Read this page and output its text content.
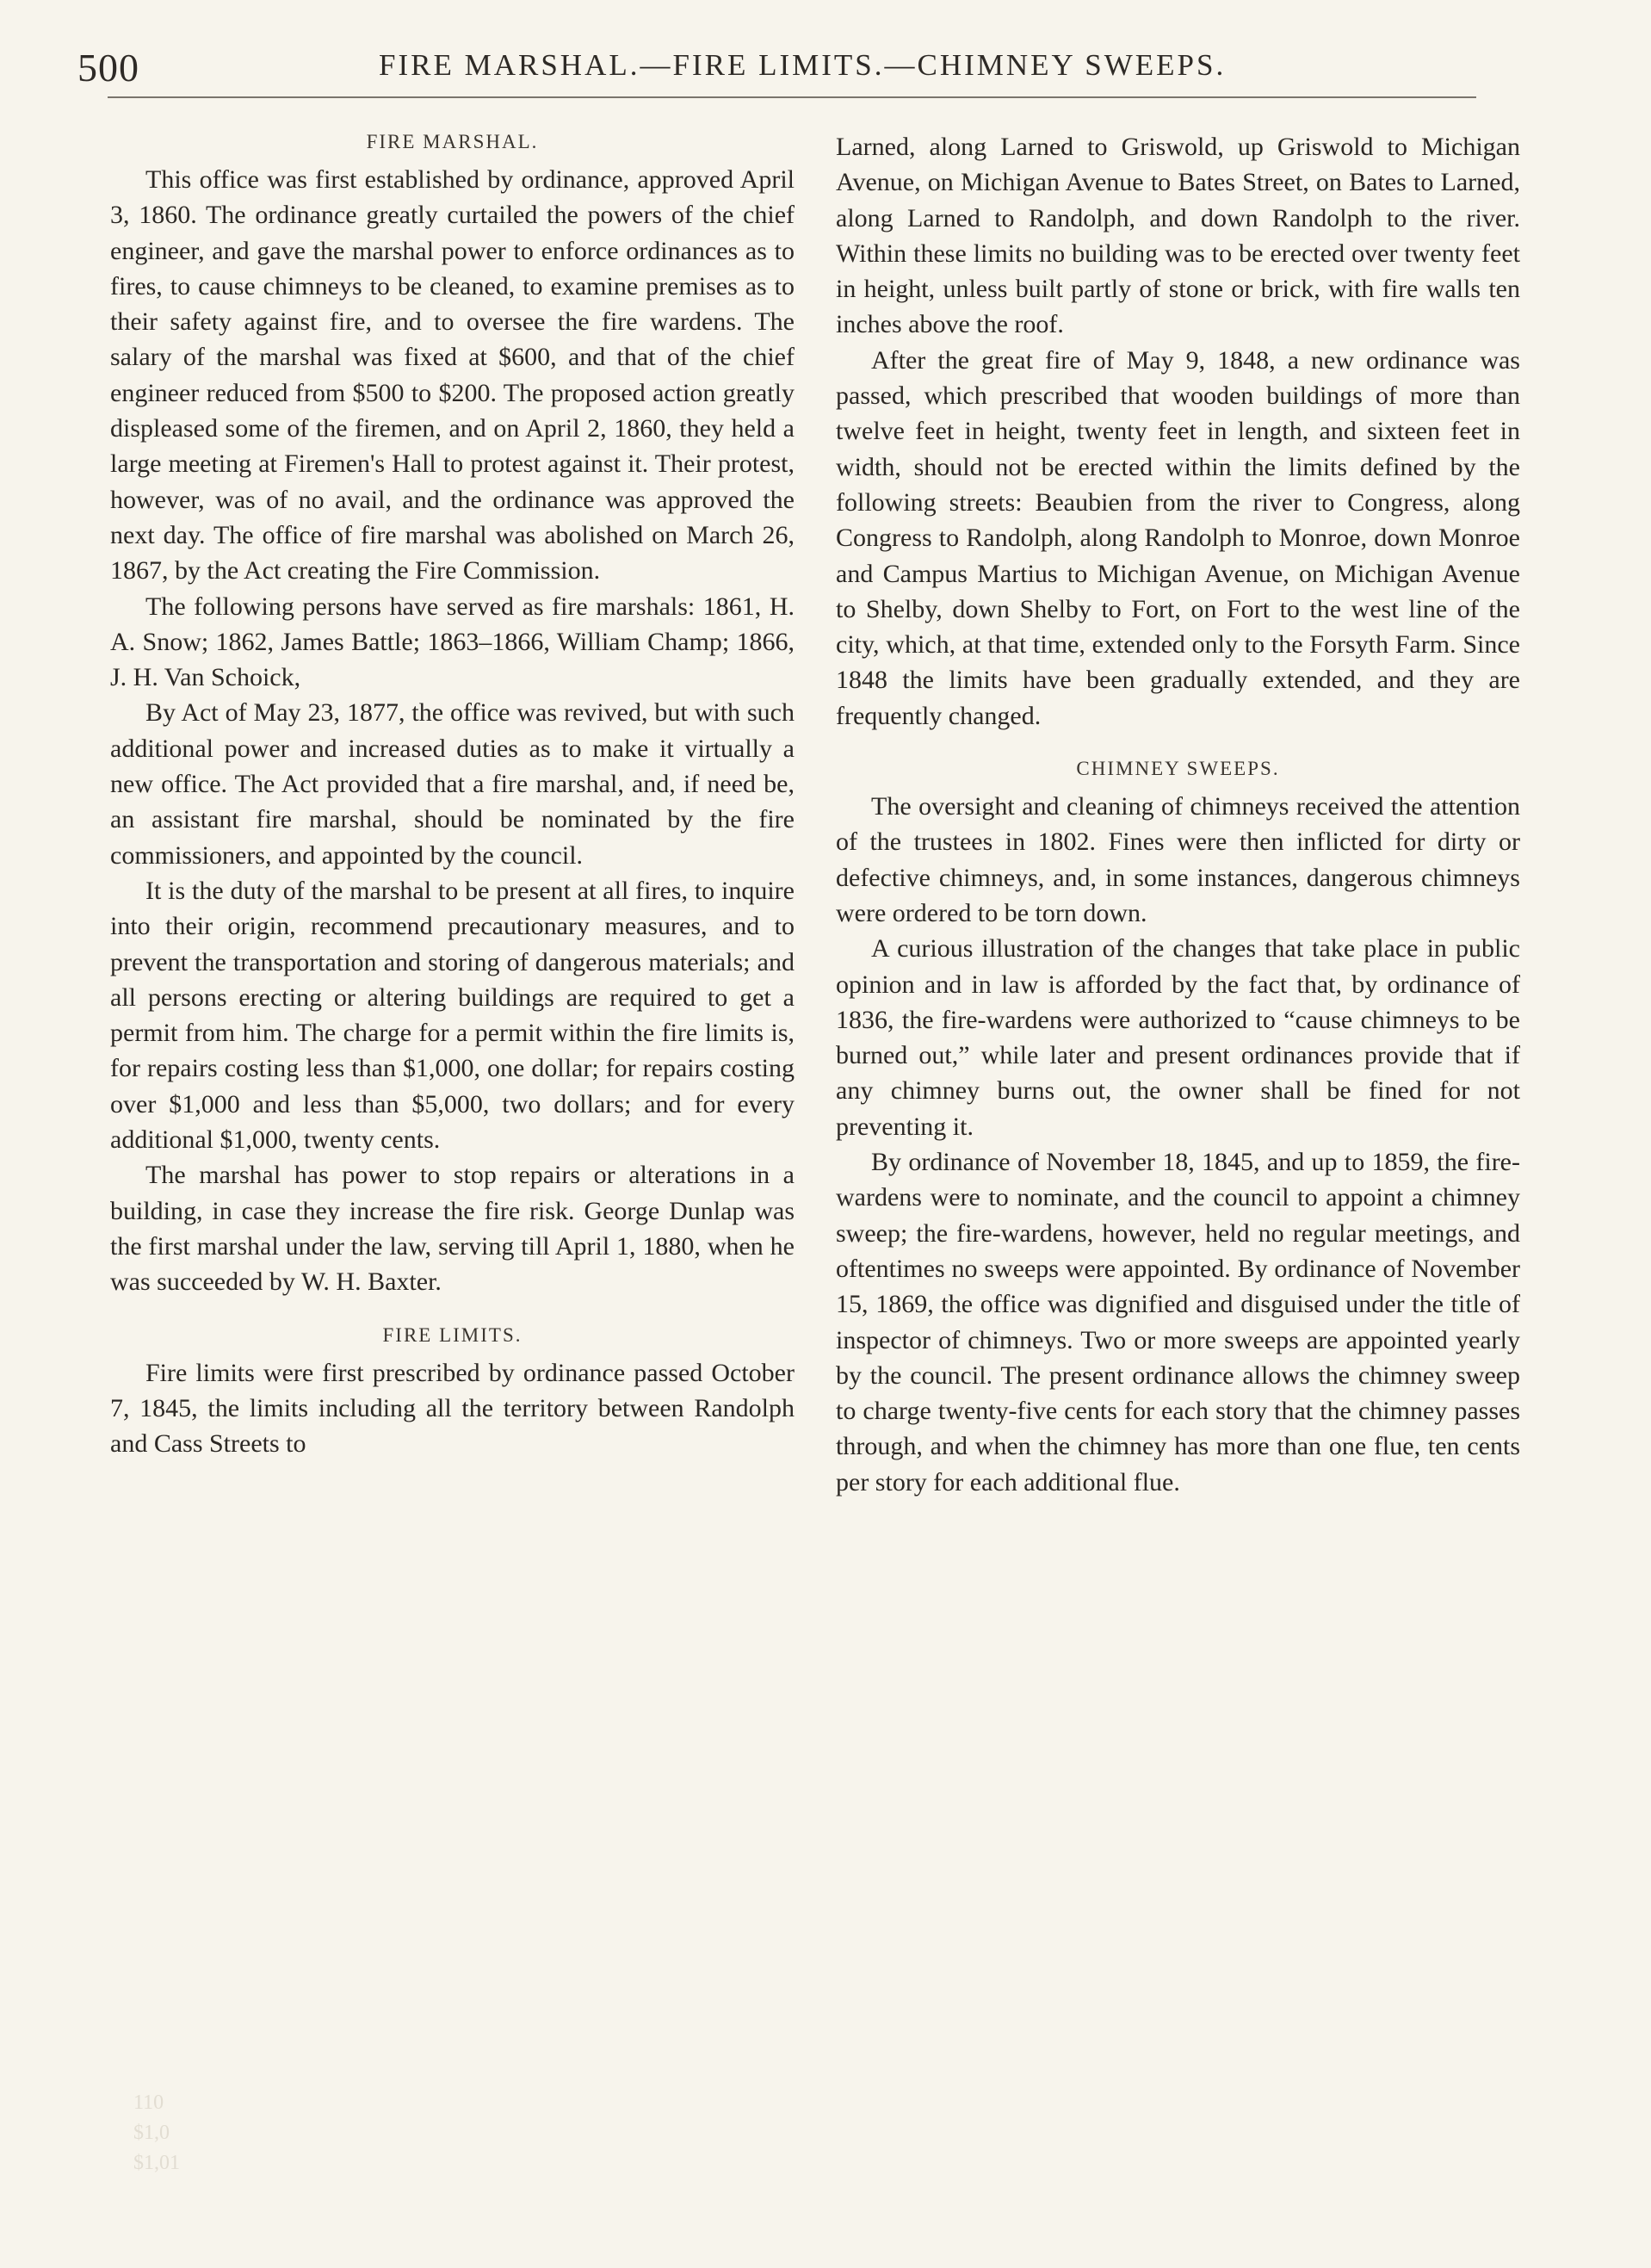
500	FIRE MARSHAL.—FIRE LIMITS.—CHIMNEY SWEEPS.
FIRE MARSHAL.

This office was first established by ordinance, approved April 3, 1860. The ordinance greatly curtailed the powers of the chief engineer, and gave the marshal power to enforce ordinances as to fires, to cause chimneys to be cleaned, to examine premises as to their safety against fire, and to oversee the fire wardens. The salary of the marshal was fixed at $600, and that of the chief engineer reduced from $500 to $200. The proposed action greatly displeased some of the firemen, and on April 2, 1860, they held a large meeting at Firemen's Hall to protest against it. Their protest, however, was of no avail, and the ordinance was approved the next day. The office of fire marshal was abolished on March 26, 1867, by the Act creating the Fire Commission.

The following persons have served as fire marshals: 1861, H. A. Snow; 1862, James Battle; 1863–1866, William Champ; 1866, J. H. Van Schoick,

By Act of May 23, 1877, the office was revived, but with such additional power and increased duties as to make it virtually a new office. The Act provided that a fire marshal, and, if need be, an assistant fire marshal, should be nominated by the fire commissioners, and appointed by the council.

It is the duty of the marshal to be present at all fires, to inquire into their origin, recommend precautionary measures, and to prevent the transportation and storing of dangerous materials; and all persons erecting or altering buildings are required to get a permit from him. The charge for a permit within the fire limits is, for repairs costing less than $1,000, one dollar; for repairs costing over $1,000 and less than $5,000, two dollars; and for every additional $1,000, twenty cents.

The marshal has power to stop repairs or alterations in a building, in case they increase the fire risk. George Dunlap was the first marshal under the law, serving till April 1, 1880, when he was succeeded by W. H. Baxter.

FIRE LIMITS.

Fire limits were first prescribed by ordinance passed October 7, 1845, the limits including all the territory between Randolph and Cass Streets to

Larned, along Larned to Griswold, up Griswold to Michigan Avenue, on Michigan Avenue to Bates Street, on Bates to Larned, along Larned to Randolph, and down Randolph to the river. Within these limits no building was to be erected over twenty feet in height, unless built partly of stone or brick, with fire walls ten inches above the roof.

After the great fire of May 9, 1848, a new ordinance was passed, which prescribed that wooden buildings of more than twelve feet in height, twenty feet in length, and sixteen feet in width, should not be erected within the limits defined by the following streets: Beaubien from the river to Congress, along Congress to Randolph, along Randolph to Monroe, down Monroe and Campus Martius to Michigan Avenue, on Michigan Avenue to Shelby, down Shelby to Fort, on Fort to the west line of the city, which, at that time, extended only to the Forsyth Farm. Since 1848 the limits have been gradually extended, and they are frequently changed.

CHIMNEY SWEEPS.

The oversight and cleaning of chimneys received the attention of the trustees in 1802. Fines were then inflicted for dirty or defective chimneys, and, in some instances, dangerous chimneys were ordered to be torn down.

A curious illustration of the changes that take place in public opinion and in law is afforded by the fact that, by ordinance of 1836, the fire-wardens were authorized to “cause chimneys to be burned out,” while later and present ordinances provide that if any chimney burns out, the owner shall be fined for not preventing it.

By ordinance of November 18, 1845, and up to 1859, the fire-wardens were to nominate, and the council to appoint a chimney sweep; the fire-wardens, however, held no regular meetings, and oftentimes no sweeps were appointed. By ordinance of November 15, 1869, the office was dignified and disguised under the title of inspector of chimneys. Two or more sweeps are appointed yearly by the council. The present ordinance allows the chimney sweep to charge twenty-five cents for each story that the chimney passes through, and when the chimney has more than one flue, ten cents per story for each additional flue.

110
$1,0
$1,01
